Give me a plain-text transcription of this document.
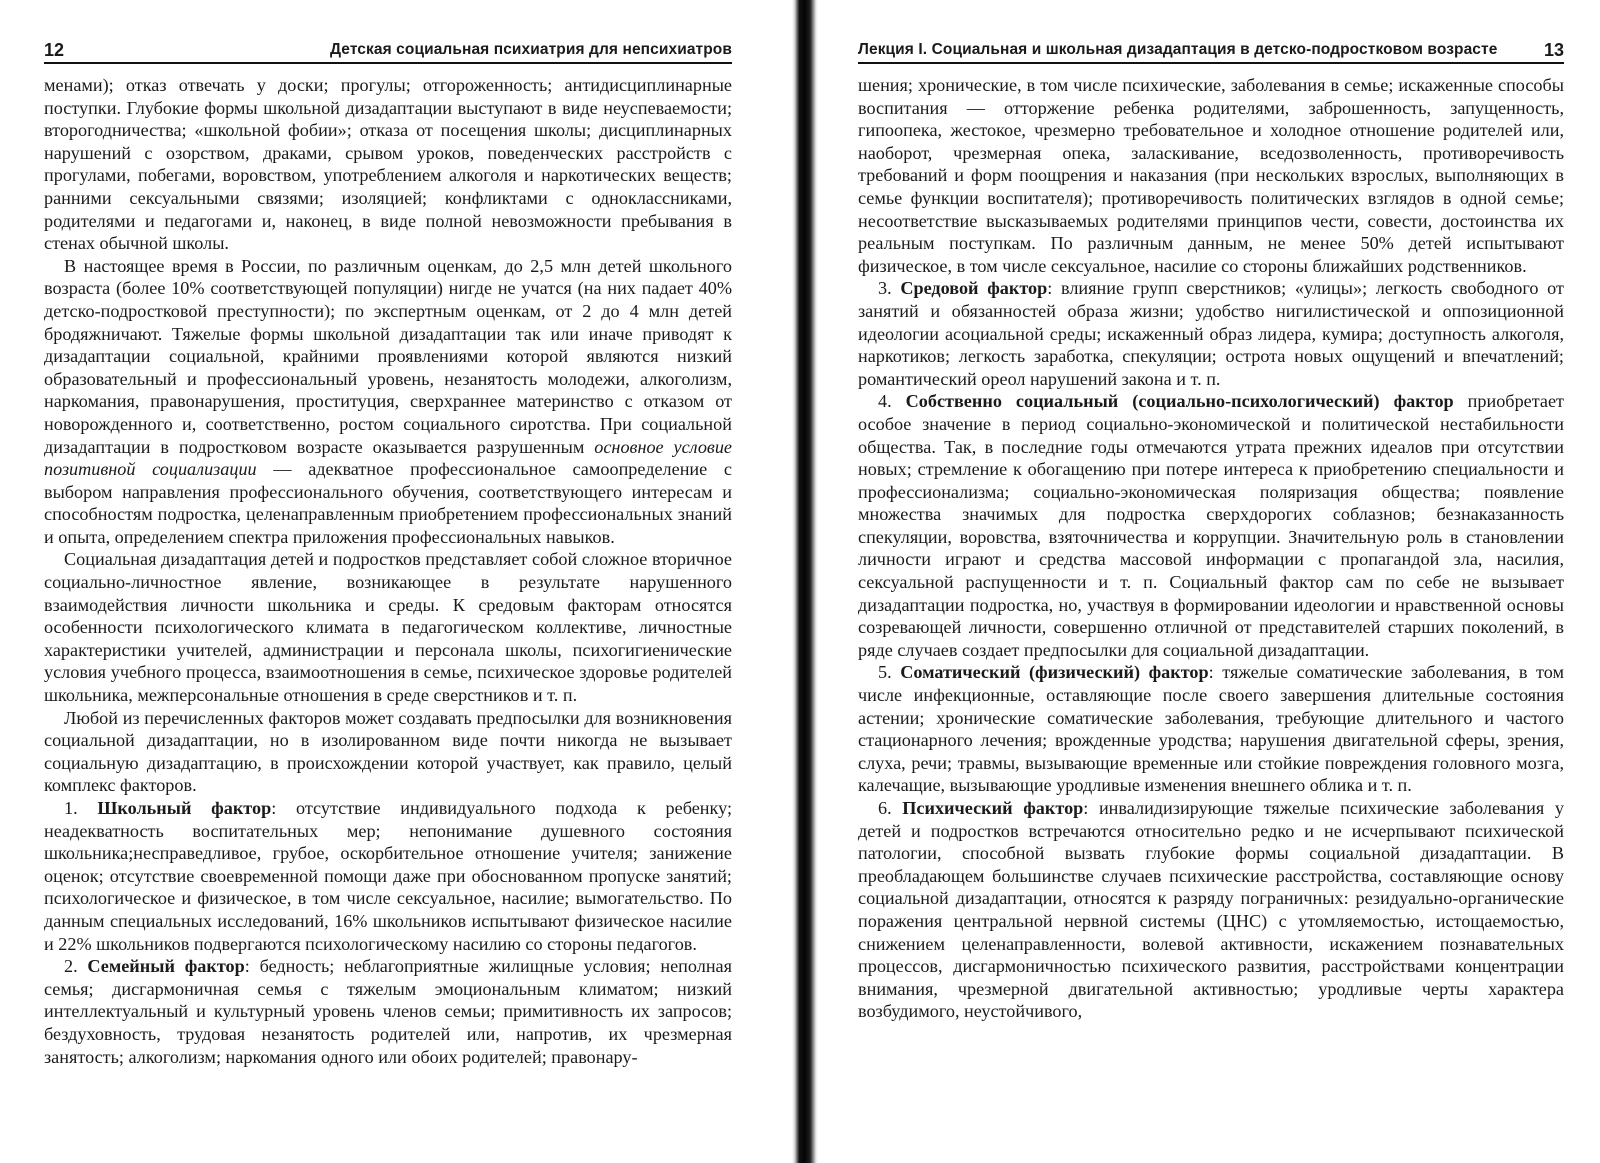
12	Детская социальная психиатрия для непсихиатров

менами); отказ отвечать у доски; прогулы; отгороженность; антидисциплинарные поступки. Глубокие формы школьной дизадаптации выступают в виде неуспеваемости; второгодничества; «школьной фобии»; отказа от посещения школы; дисциплинарных нарушений с озорством, драками, срывом уроков, поведенческих расстройств с прогулами, побегами, воровством, употреблением алкоголя и наркотических веществ; ранними сексуальными связями; изоляцией; конфликтами с одноклассниками, родителями и педагогами и, наконец, в виде полной невозможности пребывания в стенах обычной школы.

В настоящее время в России, по различным оценкам, до 2,5 млн детей школьного возраста (более 10% соответствующей популяции) нигде не учатся (на них падает 40% детско-подростковой преступности); по экспертным оценкам, от 2 до 4 млн детей бродяжничают. Тяжелые формы школьной дизадаптации так или иначе приводят к дизадаптации социальной, крайними проявлениями которой являются низкий образовательный и профессиональный уровень, незанятость молодежи, алкоголизм, наркомания, правонарушения, проституция, сверхраннее материнство с отказом от новорожденного и, соответственно, ростом социального сиротства. При социальной дизадаптации в подростковом возрасте оказывается разрушенным основное условие позитивной социализации — адекватное профессиональное самоопределение с выбором направления профессионального обучения, соответствующего интересам и способностям подростка, целенаправленным приобретением профессиональных знаний и опыта, определением спектра приложения профессиональных навыков.

Социальная дизадаптация детей и подростков представляет собой сложное вторичное социально-личностное явление, возникающее в результате нарушенного взаимодействия личности школьника и среды. К средовым факторам относятся особенности психологического климата в педагогическом коллективе, личностные характеристики учителей, администрации и персонала школы, психогигиенические условия учебного процесса, взаимоотношения в семье, психическое здоровье родителей школьника, межперсональные отношения в среде сверстников и т. п.

Любой из перечисленных факторов может создавать предпосылки для возникновения социальной дизадаптации, но в изолированном виде почти никогда не вызывает социальную дизадаптацию, в происхождении которой участвует, как правило, целый комплекс факторов.

1. Школьный фактор: отсутствие индивидуального подхода к ребенку; неадекватность воспитательных мер; непонимание душевного состояния школьника;несправедливое, грубое, оскорбительное отношение учителя; занижение оценок; отсутствие своевременной помощи даже при обоснованном пропуске занятий; психологическое и физическое, в том числе сексуальное, насилие; вымогательство. По данным специальных исследований, 16% школьников испытывают физическое насилие и 22% школьников подвергаются психологическому насилию со стороны педагогов.

2. Семейный фактор: бедность; неблагоприятные жилищные условия; неполная семья; дисгармоничная семья с тяжелым эмоциональным климатом; низкий интеллектуальный и культурный уровень членов семьи; примитивность их запросов; бездуховность, трудовая незанятость родителей или, напротив, их чрезмерная занятость; алкоголизм; наркомания одного или обоих родителей; правонару-

Лекция I. Социальная и школьная дизадаптация в детско-подростковом возрасте	13

шения; хронические, в том числе психические, заболевания в семье; искаженные способы воспитания — отторжение ребенка родителями, заброшенность, запущенность, гипоопека, жестокое, чрезмерно требовательное и холодное отношение родителей или, наоборот, чрезмерная опека, заласкивание, вседозволенность, противоречивость требований и форм поощрения и наказания (при нескольких взрослых, выполняющих в семье функции воспитателя); противоречивость политических взглядов в одной семье; несоответствие высказываемых родителями принципов чести, совести, достоинства их реальным поступкам. По различным данным, не менее 50% детей испытывают физическое, в том числе сексуальное, насилие со стороны ближайших родственников.

3. Средовой фактор: влияние групп сверстников; «улицы»; легкость свободного от занятий и обязанностей образа жизни; удобство нигилистической и оппозиционной идеологии асоциальной среды; искаженный образ лидера, кумира; доступность алкоголя, наркотиков; легкость заработка, спекуляции; острота новых ощущений и впечатлений; романтический ореол нарушений закона и т. п.

4. Собственно социальный (социально-психологический) фактор приобретает особое значение в период социально-экономической и политической нестабильности общества. Так, в последние годы отмечаются утрата прежних идеалов при отсутствии новых; стремление к обогащению при потере интереса к приобретению специальности и профессионализма; социально-экономическая поляризация общества; появление множества значимых для подростка сверхдорогих соблазнов; безнаказанность спекуляции, воровства, взяточничества и коррупции. Значительную роль в становлении личности играют и средства массовой информации с пропагандой зла, насилия, сексуальной распущенности и т. п. Социальный фактор сам по себе не вызывает дизадаптации подростка, но, участвуя в формировании идеологии и нравственной основы созревающей личности, совершенно отличной от представителей старших поколений, в ряде случаев создает предпосылки для социальной дизадаптации.

5. Соматический (физический) фактор: тяжелые соматические заболевания, в том числе инфекционные, оставляющие после своего завершения длительные состояния астении; хронические соматические заболевания, требующие длительного и частого стационарного лечения; врожденные уродства; нарушения двигательной сферы, зрения, слуха, речи; травмы, вызывающие временные или стойкие повреждения головного мозга, калечащие, вызывающие уродливые изменения внешнего облика и т. п.

6. Психический фактор: инвалидизирующие тяжелые психические заболевания у детей и подростков встречаются относительно редко и не исчерпывают психической патологии, способной вызвать глубокие формы социальной дизадаптации. В преобладающем большинстве случаев психические расстройства, составляющие основу социальной дизадаптации, относятся к разряду пограничных: резидуально-органические поражения центральной нервной системы (ЦНС) с утомляемостью, истощаемостью, снижением целенаправленности, волевой активности, искажением познавательных процессов, дисгармоничностью психического развития, расстройствами концентрации внимания, чрезмерной двигательной активностью; уродливые черты характера возбудимого, неустойчивого,
